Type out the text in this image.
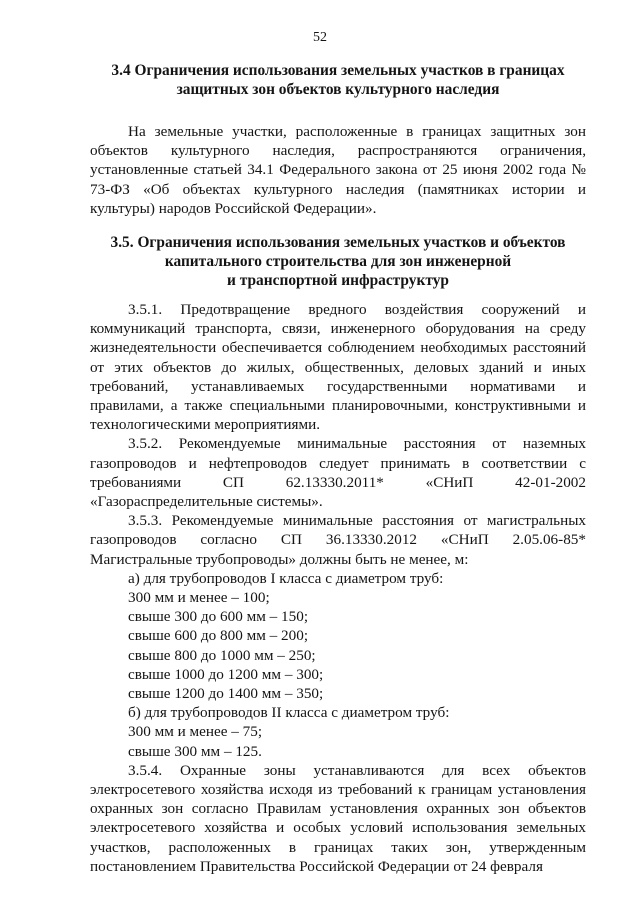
52
3.4 Ограничения использования земельных участков в границах
защитных зон объектов культурного наследия

На земельные участки, расположенные в границах защитных зон объектов культурного наследия, распространяются ограничения, установленные статьей 34.1 Федерального закона от 25 июня 2002 года № 73-ФЗ «Об объектах культурного наследия (памятниках истории и культуры) народов Российской Федерации».

3.5. Ограничения использования земельных участков и объектов
капитального строительства для зон инженерной
и транспортной инфраструктур

3.5.1. Предотвращение вредного воздействия сооружений и коммуникаций транспорта, связи, инженерного оборудования на среду жизнедеятельности обеспечивается соблюдением необходимых расстояний от этих объектов до жилых, общественных, деловых зданий и иных требований, устанавливаемых государственными нормативами и правилами, а также специальными планировочными, конструктивными и технологическими мероприятиями.

3.5.2. Рекомендуемые минимальные расстояния от наземных газопроводов и нефтепроводов следует принимать в соответствии с требованиями СП 62.13330.2011* «СНиП 42-01-2002 «Газораспределительные системы».

3.5.3. Рекомендуемые минимальные расстояния от магистральных газопроводов согласно СП 36.13330.2012 «СНиП 2.05.06-85* Магистральные трубопроводы» должны быть не менее, м:

а) для трубопроводов I класса с диаметром труб:
300 мм и менее – 100;
свыше 300 до 600 мм – 150;
свыше 600 до 800 мм – 200;
свыше 800 до 1000 мм – 250;
свыше 1000 до 1200 мм – 300;
свыше 1200 до 1400 мм – 350;
б) для трубопроводов II класса с диаметром труб:
300 мм и менее – 75;
свыше 300 мм – 125.

3.5.4. Охранные зоны устанавливаются для всех объектов электросетевого хозяйства исходя из требований к границам установления охранных зон согласно Правилам установления охранных зон объектов электросетевого хозяйства и особых условий использования земельных участков, расположенных в границах таких зон, утвержденным постановлением Правительства Российской Федерации от 24 февраля
